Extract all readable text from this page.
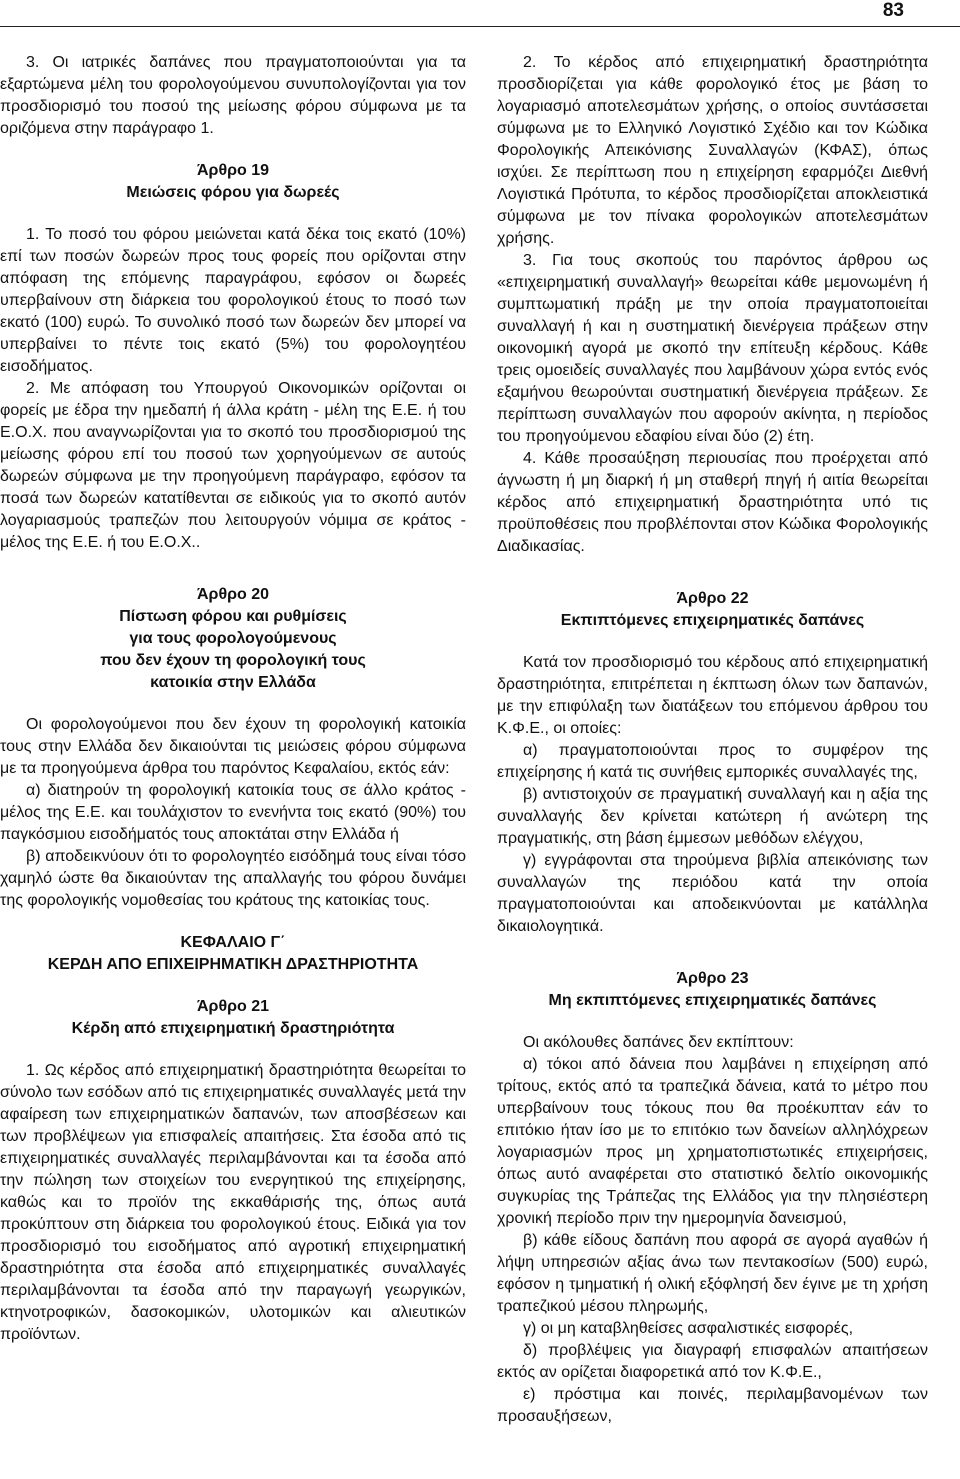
83

3. Οι ιατρικές δαπάνες που πραγματοποιούνται για τα εξαρτώμενα μέλη του φορολογούμενου συνυπολογίζονται για τον προσδιορισμό του ποσού της μείωσης φόρου σύμφωνα με τα οριζόμενα στην παράγραφο 1.

Άρθρο 19
Μειώσεις φόρου για δωρεές

1. Το ποσό του φόρου μειώνεται κατά δέκα τοις εκατό (10%) επί των ποσών δωρεών προς τους φορείς που ορίζονται στην απόφαση της επόμενης παραγράφου, εφόσον οι δωρεές υπερβαίνουν στη διάρκεια του φορολογικού έτους το ποσό των εκατό (100) ευρώ. Το συνολικό ποσό των δωρεών δεν μπορεί να υπερβαίνει το πέντε τοις εκατό (5%) του φορολογητέου εισοδήματος.

2. Με απόφαση του Υπουργού Οικονομικών ορίζονται οι φορείς με έδρα την ημεδαπή ή άλλα κράτη - μέλη της Ε.Ε. ή του Ε.Ο.Χ. που αναγνωρίζονται για το σκοπό του προσδιορισμού της μείωσης φόρου επί του ποσού των χορηγούμενων σε αυτούς δωρεών σύμφωνα με την προηγούμενη παράγραφο, εφόσον τα ποσά των δωρεών κατατίθενται σε ειδικούς για το σκοπό αυτόν λογαριασμούς τραπεζών που λειτουργούν νόμιμα σε κράτος - μέλος της Ε.Ε. ή του Ε.Ο.Χ..

Άρθρο 20
Πίστωση φόρου και ρυθμίσεις
για τους φορολογούμενους
που δεν έχουν τη φορολογική τους
κατοικία στην Ελλάδα

Οι φορολογούμενοι που δεν έχουν τη φορολογική κατοικία τους στην Ελλάδα δεν δικαιούνται τις μειώσεις φόρου σύμφωνα με τα προηγούμενα άρθρα του παρόντος Κεφαλαίου, εκτός εάν:

α) διατηρούν τη φορολογική κατοικία τους σε άλλο κράτος - μέλος της Ε.Ε. και τουλάχιστον το ενενήντα τοις εκατό (90%) του παγκόσμιου εισοδήματός τους αποκτάται στην Ελλάδα ή

β) αποδεικνύουν ότι το φορολογητέο εισόδημά τους είναι τόσο χαμηλό ώστε θα δικαιούνταν της απαλλαγής του φόρου δυνάμει της φορολογικής νομοθεσίας του κράτους της κατοικίας τους.

ΚΕΦΑΛΑΙΟ Γ΄
ΚΕΡΔΗ ΑΠΟ ΕΠΙΧΕΙΡΗΜΑΤΙΚΗ ΔΡΑΣΤΗΡΙΟΤΗΤΑ
Άρθρο 21
Κέρδη από επιχειρηματική δραστηριότητα

1. Ως κέρδος από επιχειρηματική δραστηριότητα θεωρείται το σύνολο των εσόδων από τις επιχειρηματικές συναλλαγές μετά την αφαίρεση των επιχειρηματικών δαπανών, των αποσβέσεων και των προβλέψεων για επισφαλείς απαιτήσεις. Στα έσοδα από τις επιχειρηματικές συναλλαγές περιλαμβάνονται και τα έσοδα από την πώληση των στοιχείων του ενεργητικού της επιχείρησης, καθώς και το προϊόν της εκκαθάρισής της, όπως αυτά προκύπτουν στη διάρκεια του φορολογικού έτους. Ειδικά για τον προσδιορισμό του εισοδήματος από αγροτική επιχειρηματική δραστηριότητα στα έσοδα από επιχειρηματικές συναλλαγές περιλαμβάνονται τα έσοδα από την παραγωγή γεωργικών, κτηνοτροφικών, δασοκομικών, υλοτομικών και αλιευτικών προϊόντων.

2. Το κέρδος από επιχειρηματική δραστηριότητα προσδιορίζεται για κάθε φορολογικό έτος με βάση το λογαριασμό αποτελεσμάτων χρήσης, ο οποίος συντάσσεται σύμφωνα με το Ελληνικό Λογιστικό Σχέδιο και τον Κώδικα Φορολογικής Απεικόνισης Συναλλαγών (ΚΦΑΣ), όπως ισχύει. Σε περίπτωση που η επιχείρηση εφαρμόζει Διεθνή Λογιστικά Πρότυπα, το κέρδος προσδιορίζεται αποκλειστικά σύμφωνα με τον πίνακα φορολογικών αποτελεσμάτων χρήσης.

3. Για τους σκοπούς του παρόντος άρθρου ως «επιχειρηματική συναλλαγή» θεωρείται κάθε μεμονωμένη ή συμπτωματική πράξη με την οποία πραγματοποιείται συναλλαγή ή και η συστηματική διενέργεια πράξεων στην οικονομική αγορά με σκοπό την επίτευξη κέρδους. Κάθε τρεις ομοειδείς συναλλαγές που λαμβάνουν χώρα εντός ενός εξαμήνου θεωρούνται συστηματική διενέργεια πράξεων. Σε περίπτωση συναλλαγών που αφορούν ακίνητα, η περίοδος του προηγούμενου εδαφίου είναι δύο (2) έτη.

4. Κάθε προσαύξηση περιουσίας που προέρχεται από άγνωστη ή μη διαρκή ή μη σταθερή πηγή ή αιτία θεωρείται κέρδος από επιχειρηματική δραστηριότητα υπό τις προϋποθέσεις που προβλέπονται στον Κώδικα Φορολογικής Διαδικασίας.

Άρθρο 22
Εκπιπτόμενες επιχειρηματικές δαπάνες

Κατά τον προσδιορισμό του κέρδους από επιχειρηματική δραστηριότητα, επιτρέπεται η έκπτωση όλων των δαπανών, με την επιφύλαξη των διατάξεων του επόμενου άρθρου του Κ.Φ.Ε., οι οποίες:

α) πραγματοποιούνται προς το συμφέρον της επιχείρησης ή κατά τις συνήθεις εμπορικές συναλλαγές της,

β) αντιστοιχούν σε πραγματική συναλλαγή και η αξία της συναλλαγής δεν κρίνεται κατώτερη ή ανώτερη της πραγματικής, στη βάση έμμεσων μεθόδων ελέγχου,

γ) εγγράφονται στα τηρούμενα βιβλία απεικόνισης των συναλλαγών της περιόδου κατά την οποία πραγματοποιούνται και αποδεικνύονται με κατάλληλα δικαιολογητικά.

Άρθρο 23
Μη εκπιπτόμενες επιχειρηματικές δαπάνες

Οι ακόλουθες δαπάνες δεν εκπίπτουν:

α) τόκοι από δάνεια που λαμβάνει η επιχείρηση από τρίτους, εκτός από τα τραπεζικά δάνεια, κατά το μέτρο που υπερβαίνουν τους τόκους που θα προέκυπταν εάν το επιτόκιο ήταν ίσο με το επιτόκιο των δανείων αλληλόχρεων λογαριασμών προς μη χρηματοπιστωτικές επιχειρήσεις, όπως αυτό αναφέρεται στο στατιστικό δελτίο οικονομικής συγκυρίας της Τράπεζας της Ελλάδος για την πλησιέστερη χρονική περίοδο πριν την ημερομηνία δανεισμού,

β) κάθε είδους δαπάνη που αφορά σε αγορά αγαθών ή λήψη υπηρεσιών αξίας άνω των πεντακοσίων (500) ευρώ, εφόσον η τμηματική ή ολική εξόφλησή δεν έγινε με τη χρήση τραπεζικού μέσου πληρωμής,

γ) οι μη καταβληθείσες ασφαλιστικές εισφορές,

δ) προβλέψεις για διαγραφή επισφαλών απαιτήσεων εκτός αν ορίζεται διαφορετικά από τον Κ.Φ.Ε.,

ε) πρόστιμα και ποινές, περιλαμβανομένων των προσαυξήσεων,
